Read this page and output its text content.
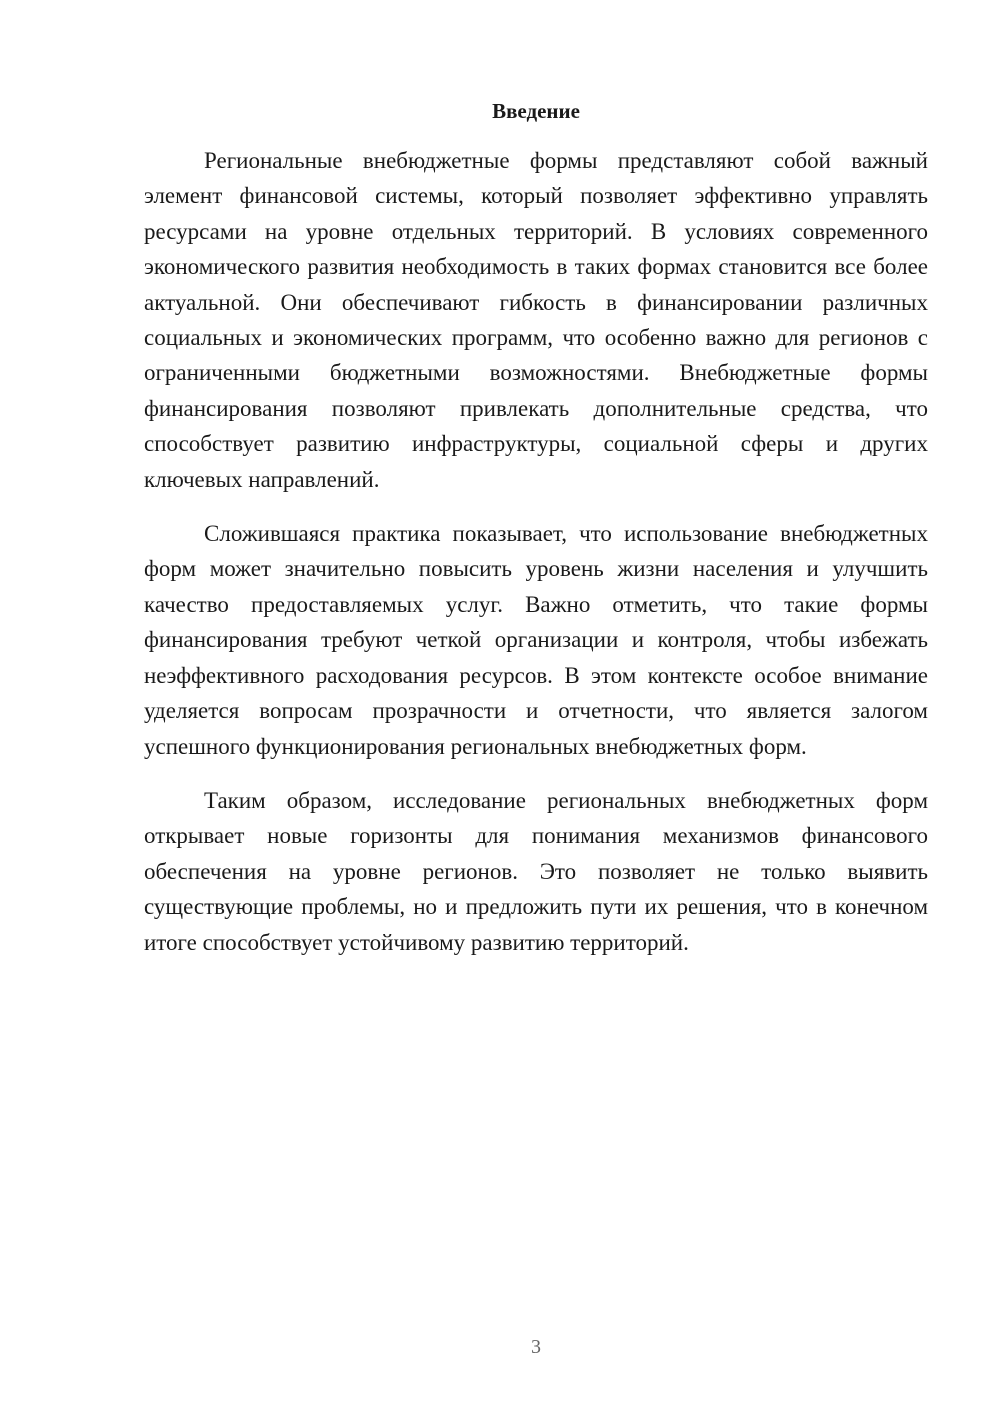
Введение

Региональные внебюджетные формы представляют собой важный элемент финансовой системы, который позволяет эффективно управлять ресурсами на уровне отдельных территорий. В условиях современного экономического развития необходимость в таких формах становится все более актуальной. Они обеспечивают гибкость в финансировании различных социальных и экономических программ, что особенно важно для регионов с ограниченными бюджетными возможностями. Внебюджетные формы финансирования позволяют привлекать дополнительные средства, что способствует развитию инфраструктуры, социальной сферы и других ключевых направлений.

Сложившаяся практика показывает, что использование внебюджетных форм может значительно повысить уровень жизни населения и улучшить качество предоставляемых услуг. Важно отметить, что такие формы финансирования требуют четкой организации и контроля, чтобы избежать неэффективного расходования ресурсов. В этом контексте особое внимание уделяется вопросам прозрачности и отчетности, что является залогом успешного функционирования региональных внебюджетных форм.

Таким образом, исследование региональных внебюджетных форм открывает новые горизонты для понимания механизмов финансового обеспечения на уровне регионов. Это позволяет не только выявить существующие проблемы, но и предложить пути их решения, что в конечном итоге способствует устойчивому развитию территорий.

3
